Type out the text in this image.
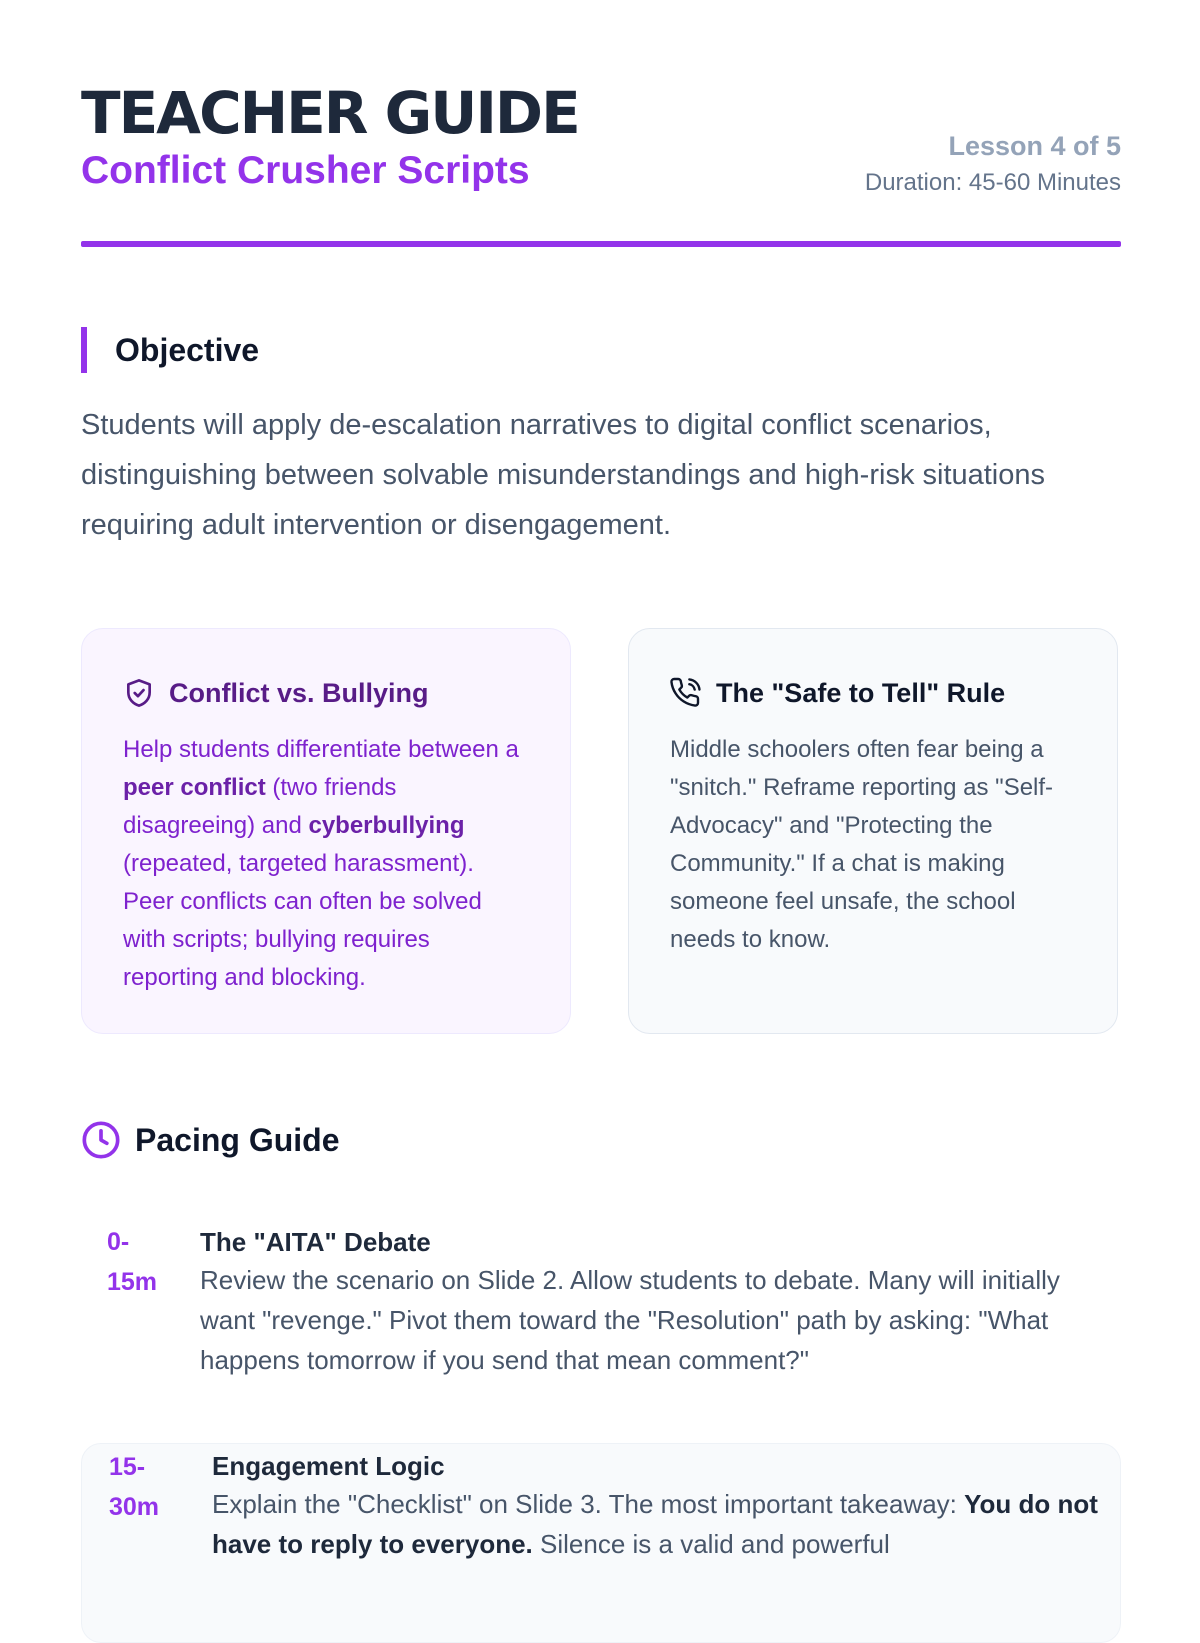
TEACHER GUIDE
Conflict Crusher Scripts
Lesson 4 of 5
Duration: 45-60 Minutes
Objective
Students will apply de-escalation narratives to digital conflict scenarios, distinguishing between solvable misunderstandings and high-risk situations requiring adult intervention or disengagement.
Conflict vs. Bullying
Help students differentiate between a peer conflict (two friends disagreeing) and cyberbullying (repeated, targeted harassment). Peer conflicts can often be solved with scripts; bullying requires reporting and blocking.
The "Safe to Tell" Rule
Middle schoolers often fear being a "snitch." Reframe reporting as "Self-Advocacy" and "Protecting the Community." If a chat is making someone feel unsafe, the school needs to know.
Pacing Guide
0-
15m
The "AITA" Debate
Review the scenario on Slide 2. Allow students to debate. Many will initially want "revenge." Pivot them toward the "Resolution" path by asking: "What happens tomorrow if you send that mean comment?"
15-
30m
Engagement Logic
Explain the "Checklist" on Slide 3. The most important takeaway: You do not have to reply to everyone. Silence is a valid and powerful
